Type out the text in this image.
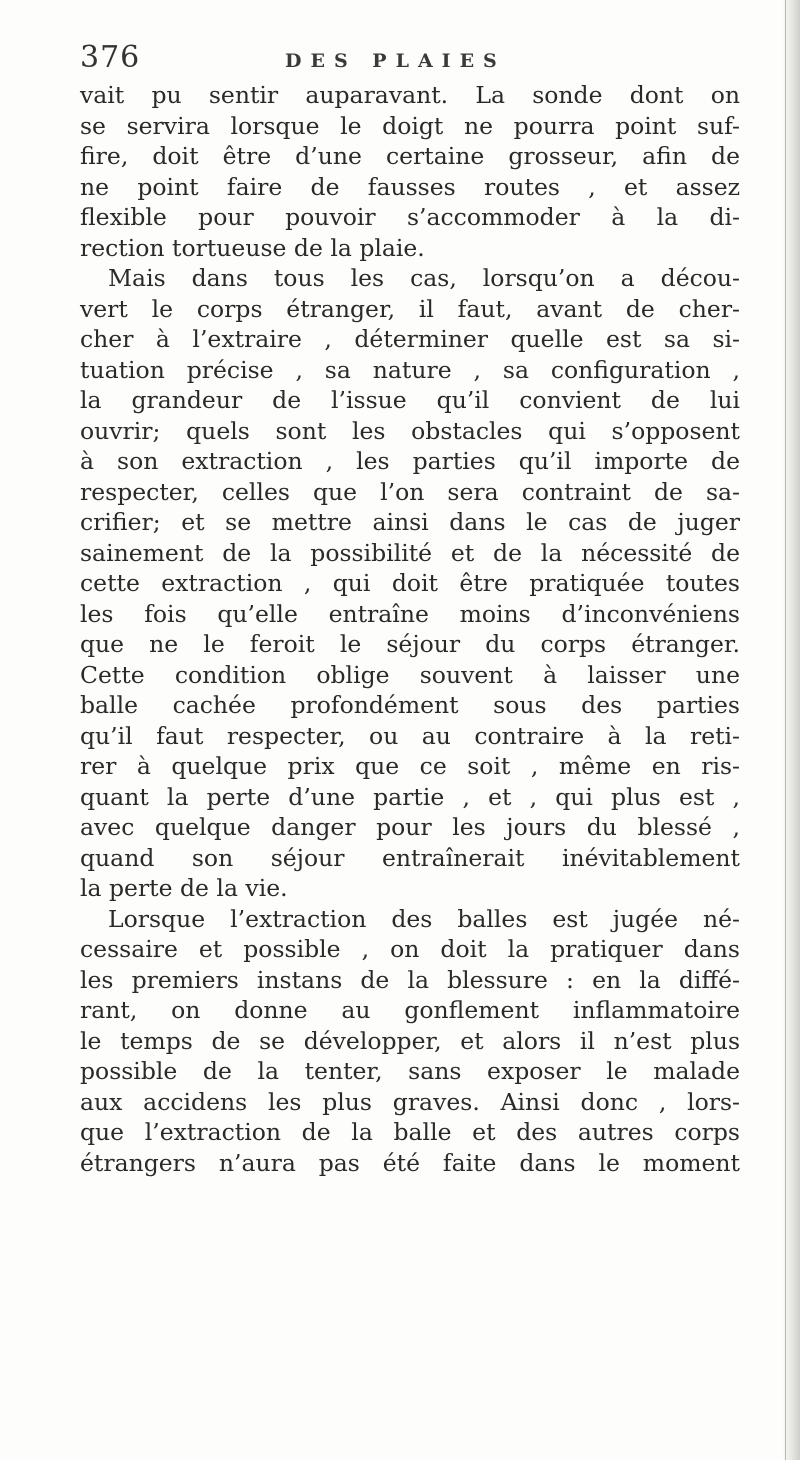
376	DES PLAIES
vait pu sentir auparavant. La sonde dont on
se servira lorsque le doigt ne pourra point suf-
fire, doit être d’une certaine grosseur, afin de
ne point faire de fausses routes , et assez
flexible pour pouvoir s’accommoder à la di-
rection tortueuse de la plaie.
Mais dans tous les cas, lorsqu’on a décou-
vert le corps étranger, il faut, avant de cher-
cher à l’extraire , déterminer quelle est sa si-
tuation précise , sa nature , sa configuration ,
la grandeur de l’issue qu’il convient de lui
ouvrir; quels sont les obstacles qui s’opposent
à son extraction , les parties qu’il importe de
respecter, celles que l’on sera contraint de sa-
crifier; et se mettre ainsi dans le cas de juger
sainement de la possibilité et de la nécessité de
cette extraction , qui doit être pratiquée toutes
les fois qu’elle entraîne moins d’inconvéniens
que ne le feroit le séjour du corps étranger.
Cette condition oblige souvent à laisser une
balle cachée profondément sous des parties
qu’il faut respecter, ou au contraire à la reti-
rer à quelque prix que ce soit , même en ris-
quant la perte d’une partie , et , qui plus est ,
avec quelque danger pour les jours du blessé ,
quand son séjour entraînerait inévitablement
la perte de la vie.
Lorsque l’extraction des balles est jugée né-
cessaire et possible , on doit la pratiquer dans
les premiers instans de la blessure : en la diffé-
rant, on donne au gonflement inflammatoire
le temps de se développer, et alors il n’est plus
possible de la tenter, sans exposer le malade
aux accidens les plus graves. Ainsi donc , lors-
que l’extraction de la balle et des autres corps
étrangers n’aura pas été faite dans le moment
